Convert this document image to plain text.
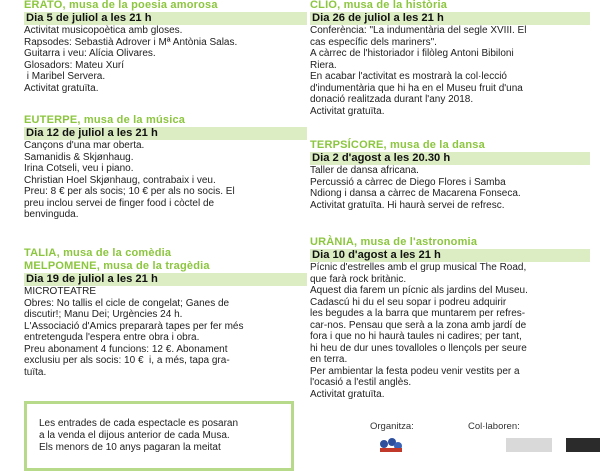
ERATO, musa de la poesia amorosa
Dia 5 de juliol a les 21 h
Activitat musicopoètica amb gloses.
Rapsodes: Sebastià Adrover i Mª Antònia Salas.
Guitarra i veu: Alícia Olivares.
Glosadors: Mateu Xurí
i Maribel Servera.
Activitat gratuïta.
EUTERPE, musa de la música
Dia 12 de juliol a les 21 h
Cançons d'una mar oberta.
Samanidis & Skjønhaug.
Irina Cotseli, veu i piano.
Christian Hoel Skjønhaug, contrabaix i veu.
Preu: 8 € per als socis; 10 € per als no socis. El
preu inclou servei de finger food i còctel de
benvinguda.
TALIA, musa de la comèdia
MELPOMENE, musa de la tragèdia
Dia 19 de juliol a les 21 h
MICROTEATRE
Obres: No tallis el cicle de congelat; Ganes de
discutir!; Manu Dei; Urgències 24 h.
L'Associació d'Amics prepararà tapes per fer més
entretenguda l'espera entre obra i obra.
Preu abonament 4 funcions: 12 €. Abonament
exclusiu per als socis: 10 €  i, a més, tapa gra-
tuïta.
CLIO, musa de la història
Dia 26 de juliol a les 21 h
Conferència: "La indumentària del segle XVIII. El
cas específic dels mariners".
A càrrec de l'historiador i filòleg Antoni Bibiloni
Riera.
En acabar l'activitat es mostrarà la col·lecció
d'indumentària que hi ha en el Museu fruit d'una
donació realitzada durant l'any 2018.
Activitat gratuïta.
TERPSÍCORE, musa de la dansa
Dia 2 d'agost a les 20.30 h
Taller de dansa africana.
Percussió a càrrec de Diego Flores i Samba
Ndiong i dansa a càrrec de Macarena Fonseca.
Activitat gratuïta. Hi haurà servei de refresc.
URÀNIA, musa de l'astronomia
Dia 10 d'agost a les 21 h
Pícnic d'estrelles amb el grup musical The Road,
que farà rock britànic.
Aquest dia farem un pícnic als jardins del Museu.
Cadascú hi du el seu sopar i podreu adquirir
les begudes a la barra que muntarem per refres-
car-nos. Pensau que serà a la zona amb jardí de
fora i que no hi haurà taules ni cadires; per tant,
hi heu de dur unes tovalloles o llençols per seure
en terra.
Per ambientar la festa podeu venir vestits per a
l'ocasió a l'estil anglès.
Activitat gratuïta.
Les entrades de cada espectacle es posaran
a la venda el dijous anterior de cada Musa.
Els menors de 10 anys pagaran la meitat
Organitza:	Col·laboren:
